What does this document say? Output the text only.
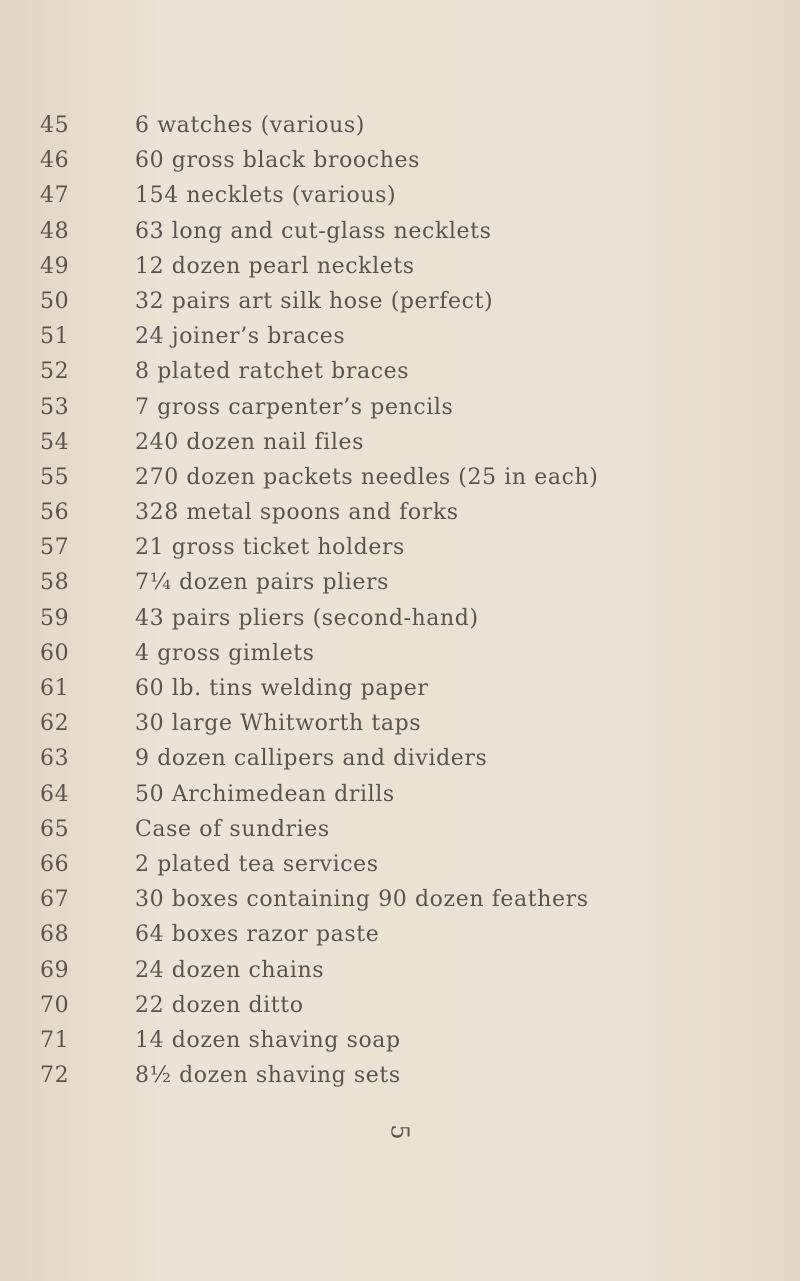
45	6 watches (various)
46	60 gross black brooches
47	154 necklets (various)
48	63 long and cut-glass necklets
49	12 dozen pearl necklets
50	32 pairs art silk hose (perfect)
51	24 joiner’s braces
52	8 plated ratchet braces
53	7 gross carpenter’s pencils
54	240 dozen nail files
55	270 dozen packets needles (25 in each)
56	328 metal spoons and forks
57	21 gross ticket holders
58	7¼ dozen pairs pliers
59	43 pairs pliers (second-hand)
60	4 gross gimlets
61	60 lb. tins welding paper
62	30 large Whitworth taps
63	9 dozen callipers and dividers
64	50 Archimedean drills
65	Case of sundries
66	2 plated tea services
67	30 boxes containing 90 dozen feathers
68	64 boxes razor paste
69	24 dozen chains
70	22 dozen ditto
71	14 dozen shaving soap
72	8½ dozen shaving sets
5
